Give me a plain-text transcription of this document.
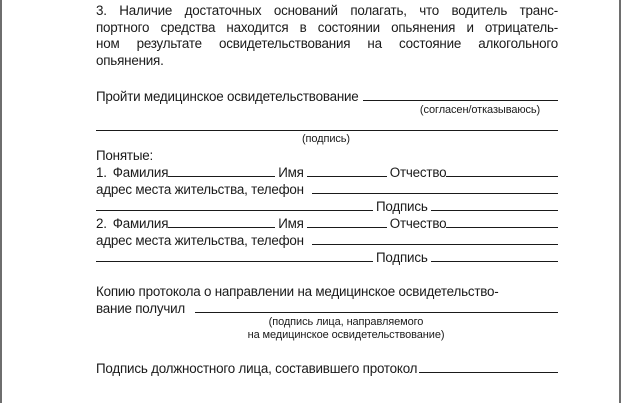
3. Наличие достаточных оснований полагать, что водитель транс-
портного средства находится в состоянии опьянения и отрицатель-
ном результате освидетельствования на состояние алкогольного
опьянения.
Пройти медицинское освидетельствование
(согласен/отказываюсь)
(подпись)
Понятые:
1. Фамилия	Имя	Отчество
адрес места жительства, телефон
Подпись
2. Фамилия	Имя	Отчество
адрес места жительства, телефон
Подпись
Копию протокола о направлении на медицинское освидетельство-
вание получил
(подпись лица, направляемого
на медицинское освидетельствование)
Подпись должностного лица, составившего протокол
